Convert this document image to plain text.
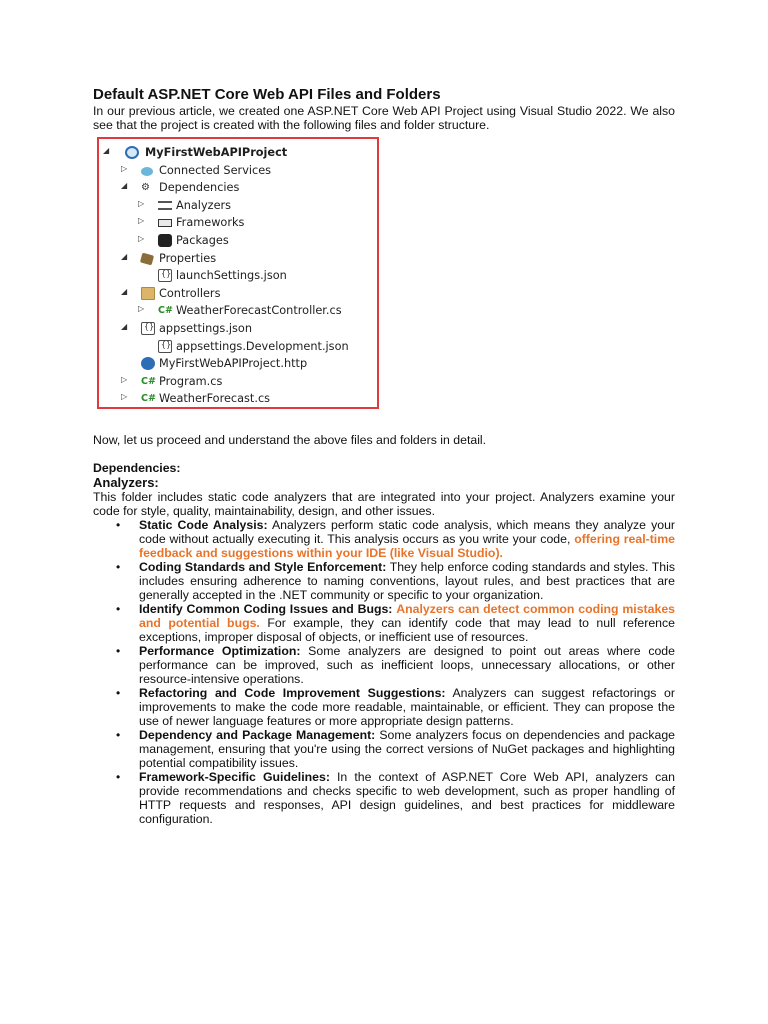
Default ASP.NET Core Web API Files and Folders

In our previous article, we created one ASP.NET Core Web API Project using Visual Studio 2022. We also see that the project is created with the following files and folder structure.

◢	MyFirstWebAPIProject
▷	Connected Services
◢	⚙ Dependencies
▷	Analyzers
▷	Frameworks
▷	Packages
◢	Properties
{}
launchSettings.json
◢	Controllers
▷	C# WeatherForecastController.cs
◢
{}	appsettings.json
{}
appsettings.Development.json
MyFirstWebAPIProject.http
▷	C# Program.cs
▷	C# WeatherForecast.cs

Now, let us proceed and understand the above files and folders in detail.

Dependencies:
Analyzers:

This folder includes static code analyzers that are integrated into your project. Analyzers examine your code for style, quality, maintainability, design, and other issues.

• Static Code Analysis: Analyzers perform static code analysis, which means they analyze your code without actually executing it. This analysis occurs as you write your code, offering real-time feedback and suggestions within your IDE (like Visual Studio).
• Coding Standards and Style Enforcement: They help enforce coding standards and styles. This includes ensuring adherence to naming conventions, layout rules, and best practices that are generally accepted in the .NET community or specific to your organization.
• Identify Common Coding Issues and Bugs: Analyzers can detect common coding mistakes and potential bugs. For example, they can identify code that may lead to null reference exceptions, improper disposal of objects, or inefficient use of resources.
• Performance Optimization: Some analyzers are designed to point out areas where code performance can be improved, such as inefficient loops, unnecessary allocations, or other resource-intensive operations.
• Refactoring and Code Improvement Suggestions: Analyzers can suggest refactorings or improvements to make the code more readable, maintainable, or efficient. They can propose the use of newer language features or more appropriate design patterns.
• Dependency and Package Management: Some analyzers focus on dependencies and package management, ensuring that you're using the correct versions of NuGet packages and highlighting potential compatibility issues.
• Framework-Specific Guidelines: In the context of ASP.NET Core Web API, analyzers can provide recommendations and checks specific to web development, such as proper handling of HTTP requests and responses, API design guidelines, and best practices for middleware configuration.
